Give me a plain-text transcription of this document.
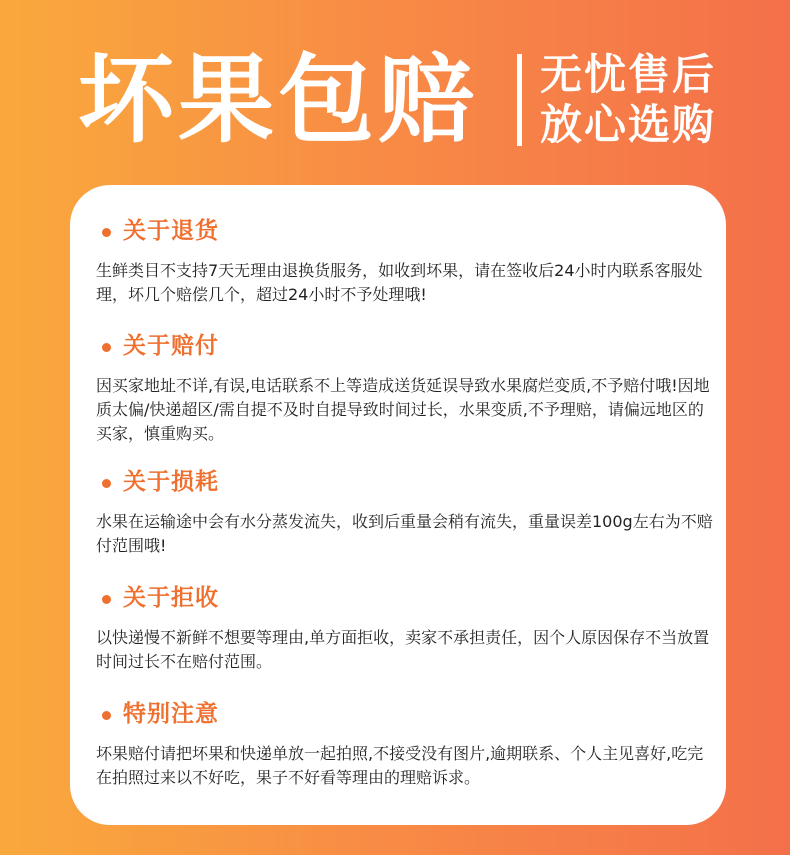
坏果包赔 无忧售后
放心选购
关于退货
生鲜类目不支持7天无理由退换货服务，如收到坏果，请在签收后24小时内联系客服处理，坏几个赔偿几个，超过24小时不予处理哦!
关于赔付
因买家地址不详,有误,电话联系不上等造成送货延误导致水果腐烂变质,不予赔付哦!因地质太偏/快递超区/需自提不及时自提导致时间过长，水果变质,不予理赔，请偏远地区的买家，慎重购买。
关于损耗
水果在运输途中会有水分蒸发流失，收到后重量会稍有流失，重量误差100g左右为不赔付范围哦!
关于拒收
以快递慢不新鲜不想要等理由,单方面拒收，卖家不承担责任，因个人原因保存不当放置时间过长不在赔付范围。
特别注意
坏果赔付请把坏果和快递单放一起拍照,不接受没有图片,逾期联系、个人主见喜好,吃完在拍照过来以不好吃，果子不好看等理由的理赔诉求。
